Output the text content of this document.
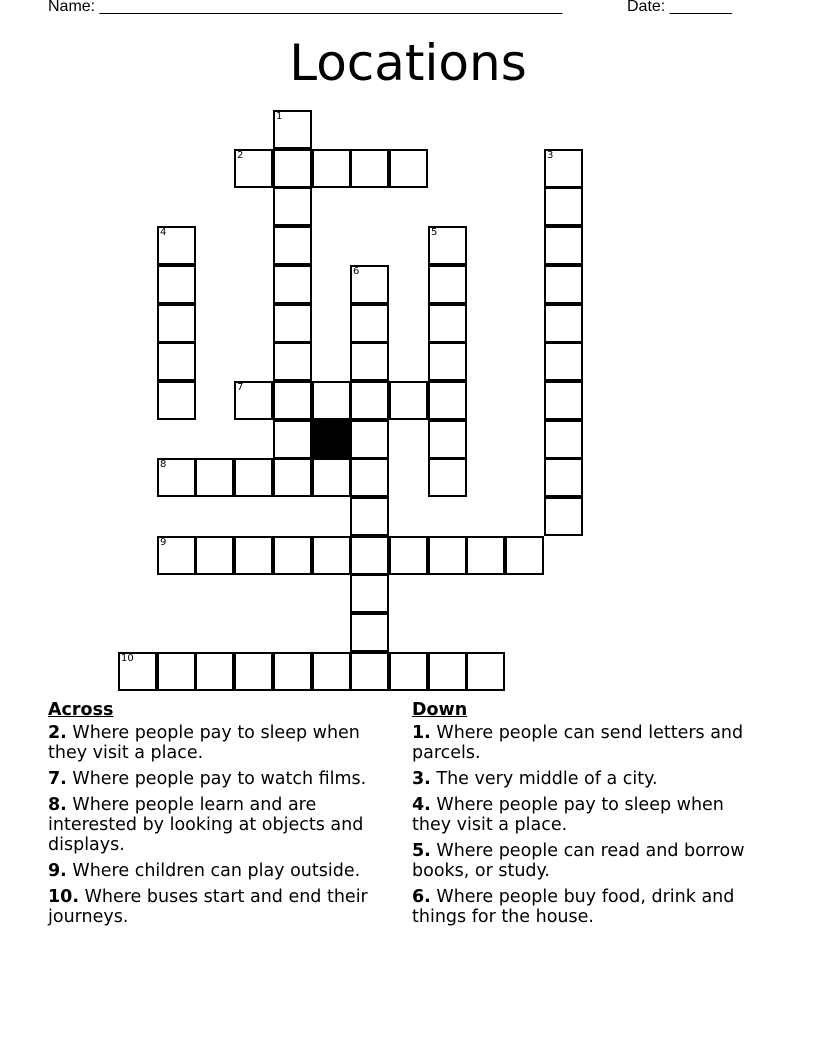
Name: ____________________________________________________	Date: _______
Locations
1
2	3
4	5
6
7
8
9
10
Across
2. Where people pay to sleep when they visit a place.
7. Where people pay to watch films.
8. Where people learn and are interested by looking at objects and displays.
9. Where children can play outside.
10. Where buses start and end their journeys.
Down
1. Where people can send letters and parcels.
3. The very middle of a city.
4. Where people pay to sleep when they visit a place.
5. Where people can read and borrow books, or study.
6. Where people buy food, drink and things for the house.
